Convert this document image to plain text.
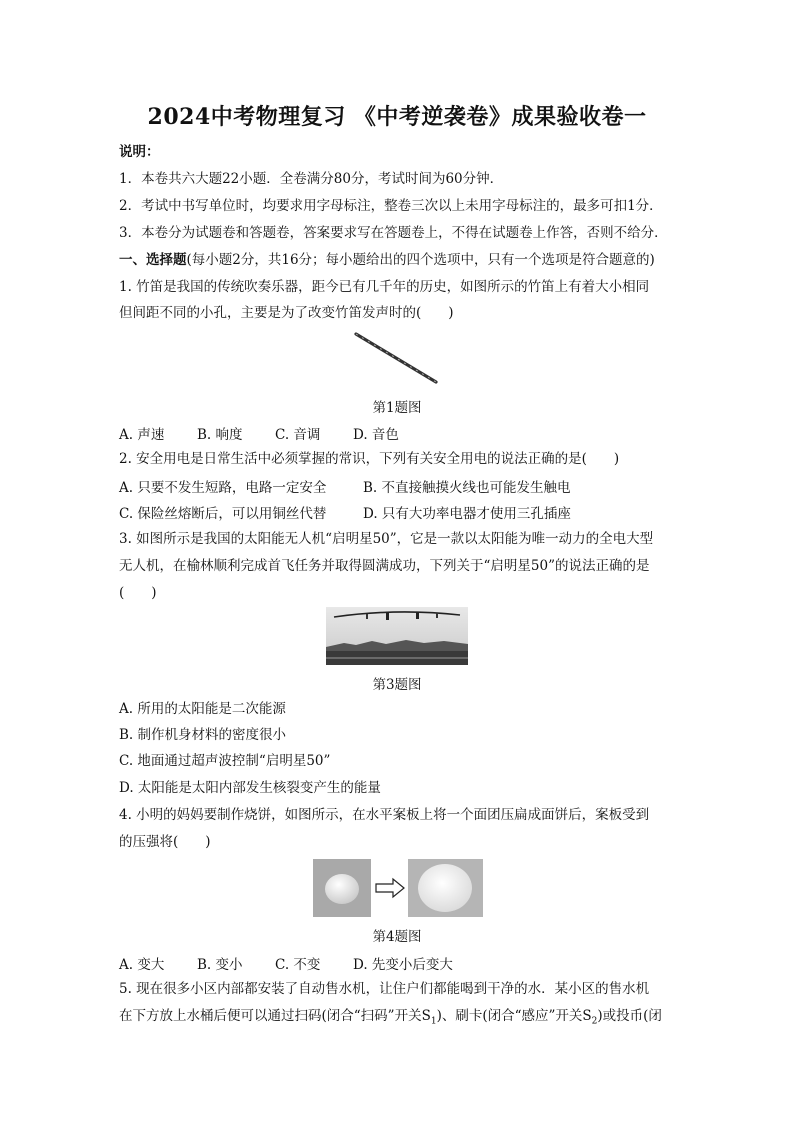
2024中考物理复习 《中考逆袭卷》成果验收卷一
说明：
1．本卷共六大题22小题．全卷满分80分，考试时间为60分钟．
2．考试中书写单位时，均要求用字母标注，整卷三次以上未用字母标注的，最多可扣1分．
3．本卷分为试题卷和答题卷，答案要求写在答题卷上，不得在试题卷上作答，否则不给分．
一、选择题(每小题2分，共16分；每小题给出的四个选项中，只有一个选项是符合题意的)
1. 竹笛是我国的传统吹奏乐器，距今已有几千年的历史，如图所示的竹笛上有着大小相同
但间距不同的小孔，主要是为了改变竹笛发声时的(　　)
第1题图
A. 声速 B. 响度 C. 音调 D. 音色
2. 安全用电是日常生活中必须掌握的常识，下列有关安全用电的说法正确的是(　　)
A. 只要不发生短路，电路一定安全	B. 不直接触摸火线也可能发生触电
C. 保险丝熔断后，可以用铜丝代替	D. 只有大功率电器才使用三孔插座
3. 如图所示是我国的太阳能无人机“启明星50”，它是一款以太阳能为唯一动力的全电大型
无人机，在榆林顺利完成首飞任务并取得圆满成功，下列关于“启明星50”的说法正确的是
(　　)
第3题图
A. 所用的太阳能是二次能源
B. 制作机身材料的密度很小
C. 地面通过超声波控制“启明星50”
D. 太阳能是太阳内部发生核裂变产生的能量
4. 小明的妈妈要制作烧饼，如图所示，在水平案板上将一个面团压扁成面饼后，案板受到
的压强将(　　)
第4题图
A. 变大 B. 变小 C. 不变 D. 先变小后变大
5. 现在很多小区内部都安装了自动售水机，让住户们都能喝到干净的水．某小区的售水机
在下方放上水桶后便可以通过扫码(闭合“扫码”开关$S_1$)、刷卡(闭合“感应”开关$S_2$)或投币(闭
